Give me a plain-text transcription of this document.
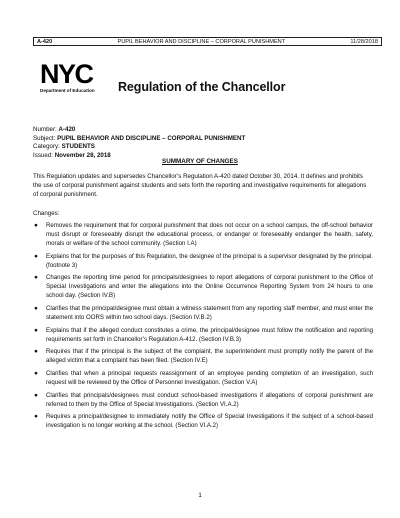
A-420	PUPIL BEHAVIOR AND DISCIPLINE – CORPORAL PUNISHMENT	11/28/2018
NYC
Department of Education	Regulation of the Chancellor
Number: A-420
Subject: PUPIL BEHAVIOR AND DISCIPLINE – CORPORAL PUNISHMENT
Category: STUDENTS
Issued: November 28, 2018
SUMMARY OF CHANGES
This Regulation updates and supersedes Chancellor’s Regulation A-420 dated October 30, 2014. It defines and prohibits the use of corporal punishment against students and sets forth the reporting and investigative requirements for allegations of corporal punishment.
Changes:
● Removes the requirement that for corporal punishment that does not occur on a school campus, the off-school behavior must disrupt or foreseeably disrupt the educational process, or endanger or foreseeably endanger the health, safety, morals or welfare of the school community. (Section I.A)
● Explains that for the purposes of this Regulation, the designee of the principal is a supervisor designated by the principal. (footnote 3)
● Changes the reporting time period for principals/designees to report allegations of corporal punishment to the Office of Special Investigations and enter the allegations into the Online Occurrence Reporting System from 24 hours to one school day. (Section IV.B)
● Clarifies that the principal/designee must obtain a witness statement from any reporting staff member, and must enter the statement into OORS within two school days. (Section IV.B.2)
● Explains that if the alleged conduct constitutes a crime, the principal/designee must follow the notification and reporting requirements set forth in Chancellor’s Regulation A-412. (Section IV.B.3)
● Requires that if the principal is the subject of the complaint, the superintendent must promptly notify the parent of the alleged victim that a complaint has been filed. (Section IV.E)
● Clarifies that when a principal requests reassignment of an employee pending completion of an investigation, such request will be reviewed by the Office of Personnel Investigation. (Section V.A)
● Clarifies that principals/designees must conduct school-based investigations if allegations of corporal punishment are referred to them by the Office of Special Investigations. (Section VI.A.2)
● Requires a principal/designee to immediately notify the Office of Special Investigations if the subject of a school-based investigation is no longer working at the school. (Section VI.A.2)
1
